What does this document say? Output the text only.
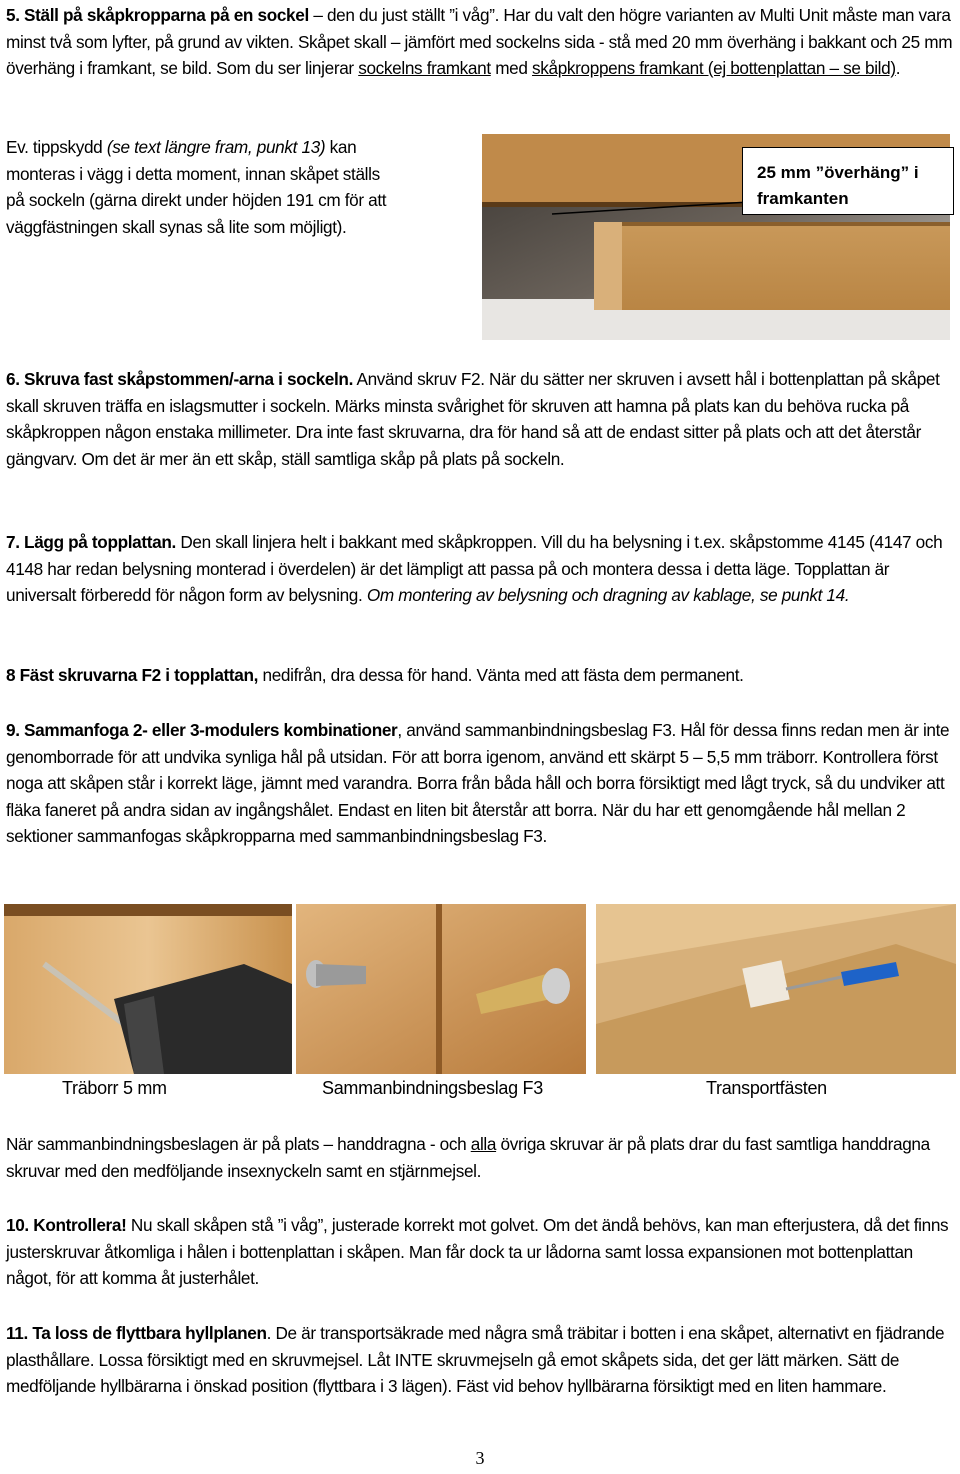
5. Ställ på skåpkropparna på en sockel – den du just ställt ”i våg”. Har du valt den högre varianten av Multi Unit måste man vara minst två som lyfter, på grund av vikten. Skåpet skall – jämfört med sockelns sida - stå med 20 mm överhäng i bakkant och 25 mm överhäng i framkant, se bild. Som du ser linjerar sockelns framkant med skåpkroppens framkant (ej bottenplattan – se bild).
Ev. tippskydd (se text längre fram, punkt 13) kan monteras i vägg i detta moment, innan skåpet ställs på sockeln (gärna direkt under höjden 191 cm för att väggfästningen skall synas så lite som möjligt).
25 mm ”överhäng” i framkanten
6. Skruva fast skåpstommen/-arna i sockeln. Använd skruv F2. När du sätter ner skruven i avsett hål i bottenplattan på skåpet skall skruven träffa en islagsmutter i sockeln. Märks minsta svårighet för skruven att hamna på plats kan du behöva rucka på skåpkroppen någon enstaka millimeter. Dra inte fast skruvarna, dra för hand så att de endast sitter på plats och att det återstår gängvarv. Om det är mer än ett skåp, ställ samtliga skåp på plats på sockeln.
7. Lägg på topplattan. Den skall linjera helt i bakkant med skåpkroppen. Vill du ha belysning i t.ex. skåpstomme 4145 (4147 och 4148 har redan belysning monterad i överdelen) är det lämpligt att passa på och montera dessa i detta läge. Topplattan är universalt förberedd för någon form av belysning. Om montering av belysning och dragning av kablage, se punkt 14.
8 Fäst skruvarna F2 i topplattan, nedifrån, dra dessa för hand. Vänta med att fästa dem permanent.
9. Sammanfoga 2- eller 3-modulers kombinationer, använd sammanbindningsbeslag F3. Hål för dessa finns redan men är inte genomborrade för att undvika synliga hål på utsidan. För att borra igenom, använd ett skärpt 5 – 5,5 mm träborr. Kontrollera först noga att skåpen står i korrekt läge, jämnt med varandra. Borra från båda håll och borra försiktigt med lågt tryck, så du undviker att fläka faneret på andra sidan av ingångshålet. Endast en liten bit återstår att borra. När du har ett genomgående hål mellan 2 sektioner sammanfogas skåpkropparna med sammanbindningsbeslag F3.
Träborr 5 mm	Sammanbindningsbeslag F3	Transportfästen
När sammanbindningsbeslagen är på plats – handdragna - och alla övriga skruvar är på plats drar du fast samtliga handdragna skruvar med den medföljande insexnyckeln samt en stjärnmejsel.
10. Kontrollera! Nu skall skåpen stå ”i våg”, justerade korrekt mot golvet. Om det ändå behövs, kan man efterjustera, då det finns justerskruvar åtkomliga i hålen i bottenplattan i skåpen. Man får dock ta ur lådorna samt lossa expansionen mot bottenplattan något, för att komma åt justerhålet.
11. Ta loss de flyttbara hyllplanen. De är transportsäkrade med några små träbitar i botten i ena skåpet, alternativt en fjädrande plasthållare. Lossa försiktigt med en skruvmejsel. Låt INTE skruvmejseln gå emot skåpets sida, det ger lätt märken. Sätt de medföljande hyllbärarna i önskad position (flyttbara i 3 lägen). Fäst vid behov hyllbärarna försiktigt med en liten hammare.
3
